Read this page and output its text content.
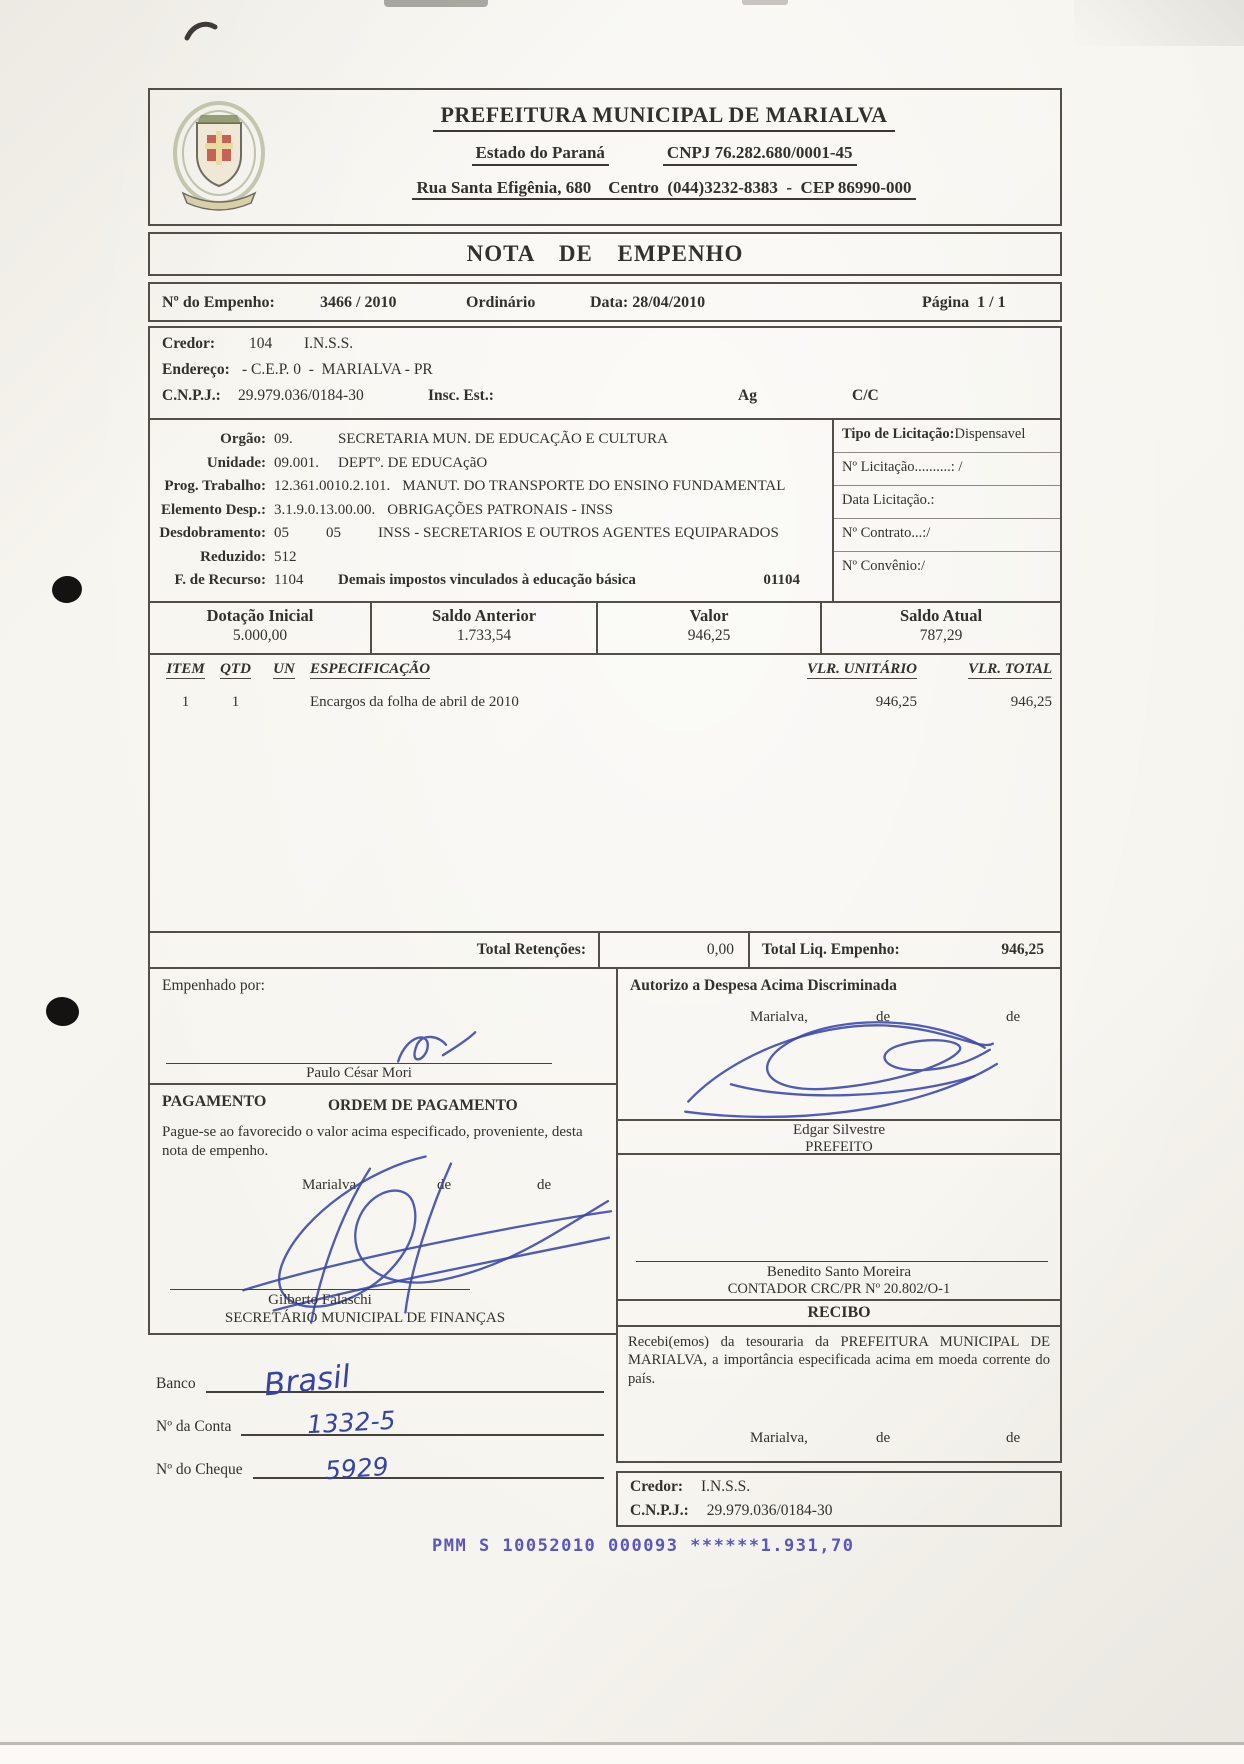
PREFEITURA MUNICIPAL DE MARIALVA
Estado do Paraná	CNPJ 76.282.680/0001-45
Rua Santa Efigênia, 680    Centro  (044)3232-8383  -  CEP 86990-000
NOTA DE EMPENHO
Nº do Empenho:	3466 / 2010	Ordinário	Data: 28/04/2010	Página  1 / 1
Credor: 104 I.N.S.S.
Endereço: - C.E.P. 0  -  MARIALVA - PR
C.N.P.J.: 29.979.036/0184-30	Insc. Est.:	Ag	C/C
Orgão: 09.	SECRETARIA MUN. DE EDUCAÇÃO E CULTURA
Unidade: 09.001.	DEPTº. DE EDUCAçãO
Prog. Trabalho: 12.361.0010.2.101. MANUT. DO TRANSPORTE DO ENSINO FUNDAMENTAL
Elemento Desp.: 3.1.9.0.13.00.00. OBRIGAÇÕES PATRONAIS - INSS
Desdobramento: 05	05	INSS - SECRETARIOS E OUTROS AGENTES EQUIPARADOS
Reduzido: 512
F. de Recurso: 1104	Demais impostos vinculados à educação básica	01104
Tipo de Licitação:Dispensavel
Nº Licitação..........: /
Data Licitação.:
Nº Contrato...:/
Nº Convênio:/
Dotação Inicial
5.000,00
Saldo Anterior
1.733,54
Valor
946,25
Saldo Atual
787,29
ITEM	QTD	UN	ESPECIFICAÇÃO	VLR. UNITÁRIO	VLR. TOTAL
1	1	Encargos da folha de abril de 2010	946,25	946,25
Total Retenções:	0,00	Total Liq. Empenho:	946,25
Empenhado por:
Paulo César Mori
PAGAMENTO	ORDEM DE PAGAMENTO
Pague-se ao favorecido o valor acima especificado, proveniente, desta nota de empenho.
Marialva,	de	de
Gilberto Falaschi
SECRETÁRIO MUNICIPAL DE FINANÇAS
Banco Brasil
Nº da Conta	1332-5
Nº do Cheque	5929
Autorizo a Despesa Acima Discriminada
Marialva,	de	de
Edgar Silvestre
PREFEITO
Benedito Santo Moreira
CONTADOR CRC/PR Nº 20.802/O-1
RECIBO
Recebi(emos) da tesouraria da PREFEITURA MUNICIPAL DE MARIALVA, a importância especificada acima em moeda corrente do país.
Marialva,	de	de
Credor: I.N.S.S.
C.N.P.J.: 29.979.036/0184-30
PMM S 10052010 000093 ******1.931,70
